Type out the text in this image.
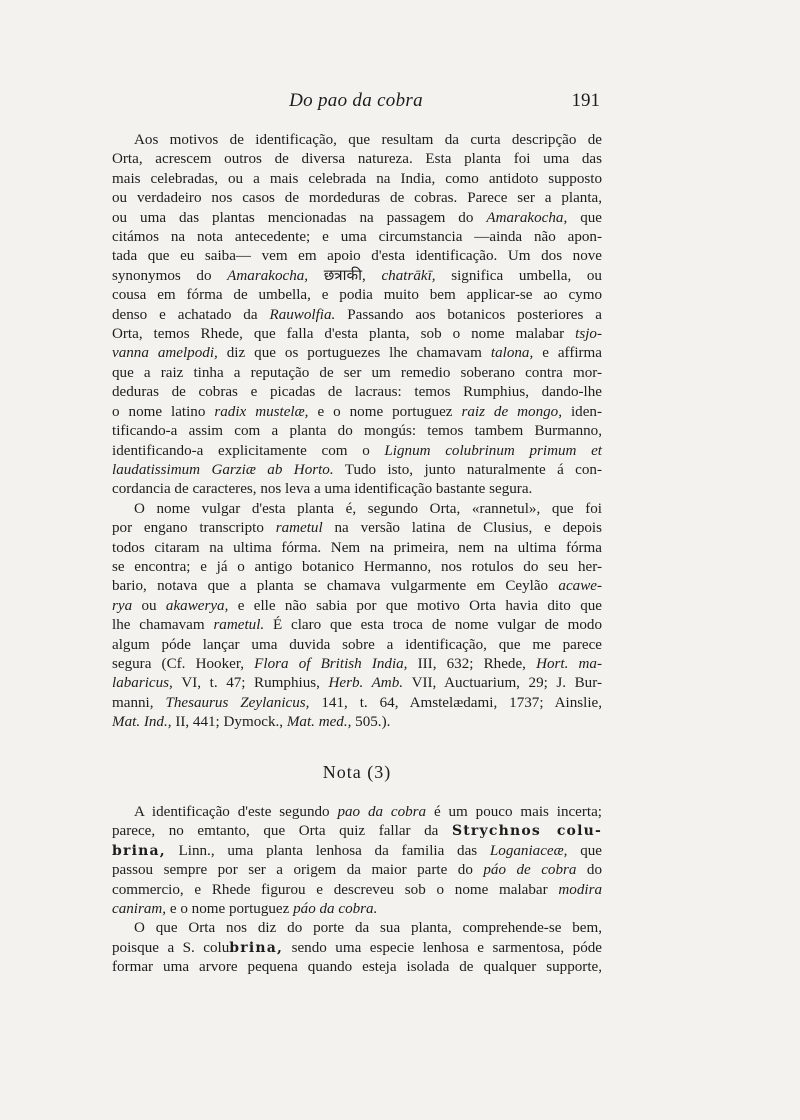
Do pao da cobra	191
Aos motivos de identificação, que resultam da curta descripção de
Orta, acrescem outros de diversa natureza. Esta planta foi uma das
mais celebradas, ou a mais celebrada na India, como antidoto supposto
ou verdadeiro nos casos de mordeduras de cobras. Parece ser a planta,
ou uma das plantas mencionadas na passagem do Amarakocha, que
citámos na nota antecedente; e uma circumstancia —ainda não apon-
tada que eu saiba— vem em apoio d'esta identificação. Um dos nove
synonymos do Amarakocha, छत्राकी, chatrākī, significa umbella, ou
cousa em fórma de umbella, e podia muito bem applicar-se ao cymo
denso e achatado da Rauwolfia. Passando aos botanicos posteriores a
Orta, temos Rhede, que falla d'esta planta, sob o nome malabar tsjo-
vanna amelpodi, diz que os portuguezes lhe chamavam talona, e affirma
que a raiz tinha a reputação de ser um remedio soberano contra mor-
deduras de cobras e picadas de lacraus: temos Rumphius, dando-lhe
o nome latino radix mustelæ, e o nome portuguez raiz de mongo, iden-
tificando-a assim com a planta do mongús: temos tambem Burmanno,
identificando-a explicitamente com o Lignum colubrinum primum et
laudatissimum Garziæ ab Horto. Tudo isto, junto naturalmente á con-
cordancia de caracteres, nos leva a uma identificação bastante segura.
O nome vulgar d'esta planta é, segundo Orta, «rannetul», que foi
por engano transcripto rametul na versão latina de Clusius, e depois
todos citaram na ultima fórma. Nem na primeira, nem na ultima fórma
se encontra; e já o antigo botanico Hermanno, nos rotulos do seu her-
bario, notava que a planta se chamava vulgarmente em Ceylão acawe-
rya ou akawerya, e elle não sabia por que motivo Orta havia dito que
lhe chamavam rametul. É claro que esta troca de nome vulgar de modo
algum póde lançar uma duvida sobre a identificação, que me parece
segura (Cf. Hooker, Flora of British India, III, 632; Rhede, Hort. ma-
labaricus, VI, t. 47; Rumphius, Herb. Amb. VII, Auctuarium, 29; J. Bur-
manni, Thesaurus Zeylanicus, 141, t. 64, Amstelædami, 1737; Ainslie,
Mat. Ind., II, 441; Dymock., Mat. med., 505.).
Nota (3)
A identificação d'este segundo pao da cobra é um pouco mais incerta;
parece, no emtanto, que Orta quiz fallar da Strychnos colu-
brina, Linn., uma planta lenhosa da familia das Loganiaceæ, que
passou sempre por ser a origem da maior parte do páo de cobra do
commercio, e Rhede figurou e descreveu sob o nome malabar modira
caniram, e o nome portuguez páo da cobra.
O que Orta nos diz do porte da sua planta, comprehende-se bem,
poisque a S. colubrina, sendo uma especie lenhosa e sarmentosa, póde
formar uma arvore pequena quando esteja isolada de qualquer supporte,
